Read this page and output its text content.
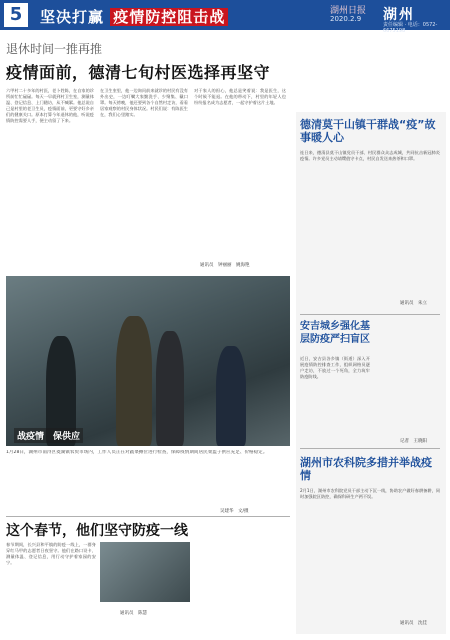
5	坚决打赢 疫情防控阻击战	湖州日报
2020.2.9 湖州
责任编辑 · 电话：0572-6675198
退休时间一推再推
疫情面前，德清七旬村医选择再坚守
六甲村二十多年的村医，老卜姓陈，在自家的诊所前忙忙碌碌。每天一早就到村卫生室，测量体温、登记信息、上门随访，从不喊累。他总说自己是村里的老卫生员，疫情面前，更要守好乡亲们的健康关口。原本打算今年退休的他，听说疫情防控需要人手，便主动留了下来。
在卫生室里，他一边询问前来就诊的村民有没有外出史，一边叮嘱大家勤洗手、少聚集、戴口罩。每天傍晚，他还要到各个自然村走访，看看居家观察的村民身体状况。村民们说：有陈医生在，我们心里踏实。
对于家人的担心，他总是笑着说：我是医生，这个时候不能退。在他的带动下，村里的年轻人也纷纷报名成为志愿者，一起守护着这片土地。
通讯员　钟丽丽　姚海艳
战疫情　保供应
1月28日，湖州市南浔区菱湖镇农贸市场内，工作人员正在对蔬菜摊位进行检查，保障疫情期间居民菜篮子供应充足、价格稳定。
吴建华　文/摄
这个春节，他们坚守防疫一线
春节期间，长兴县和平镇的防疫一线上，一群身穿红马甲的志愿者日夜坚守。他们在路口设卡、测量体温、登记信息，用行动守护着家园的安宁。
通讯员　陈慧
德清莫干山镇干群战“疫”故事暖人心
连日来，德清县莫干山镇党员干部、村民群众众志成城，共同抗击新冠肺炎疫情。许多党员主动请缨值守卡点，村民自发送来热茶和口罩。
通讯员　朱立
安吉城乡强化基层防疫严扫盲区
近日，安吉县各乡镇（街道）深入开展疫情防控排查工作，组织网格员逐户走访，不放过一个死角，全力筑牢防疫防线。
记者　王晓阳
湖州市农科院多措并举战疫情
2月1日，湖州市农科院党员干部主动下沉一线，协助农户做好春耕备耕，同时加强院区防控，确保科研生产两不误。
通讯员　沈佳
